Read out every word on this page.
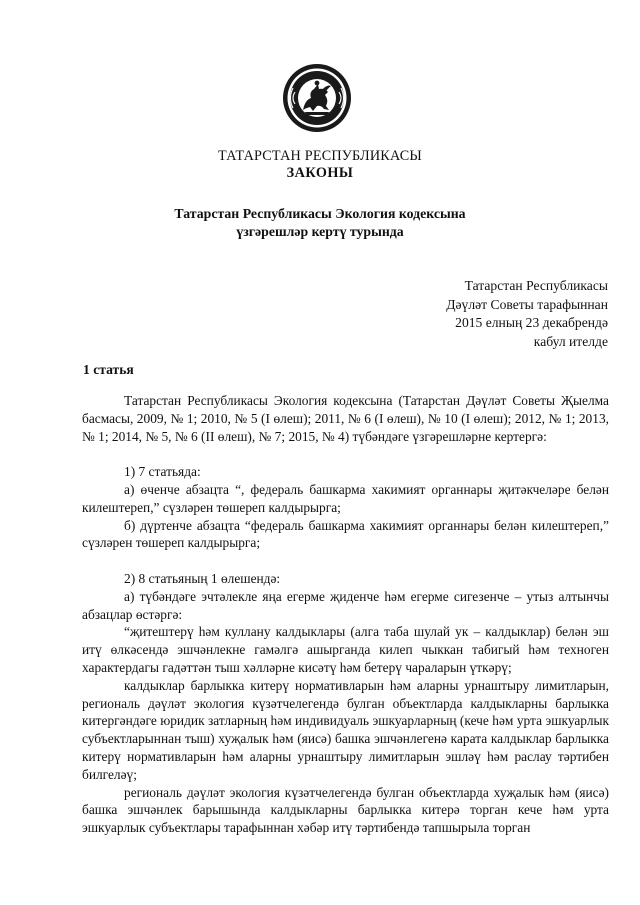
ТАТАРСТАН РЕСПУБЛИКАСЫ
ЗАКОНЫ
Татарстан Республикасы Экология кодексына
үзгәрешләр кертү турында
Татарстан Республикасы
Дәүләт Советы тарафыннан
2015 елның 23 декабрендә
кабул ителде
1 статья

Татарстан Республикасы Экология кодексына (Татарстан Дәүләт Советы Җыелма басмасы, 2009, № 1; 2010, № 5 (I өлеш); 2011, № 6 (I өлеш), № 10 (I өлеш); 2012, № 1; 2013, № 1; 2014, № 5, № 6 (II өлеш), № 7; 2015, № 4) түбәндәге үзгәрешләрне кертергә:

1) 7 статьяда:

а) өченче абзацта “, федераль башкарма хакимият органнары җитәкчеләре белән килештереп,” сүзләрен төшереп калдырырга;

б) дүртенче абзацта “федераль башкарма хакимият органнары белән килештереп,” сүзләрен төшереп калдырырга;

2) 8 статьяның 1 өлешендә:

а) түбәндәге эчтәлекле яңа егерме җиденче һәм егерме сигезенче – утыз алтынчы абзацлар өстәргә:

“җитештерү һәм куллану калдыклары (алга таба шулай ук – калдыклар) белән эш итү өлкәсендә эшчәнлекне гамәлгә ашырганда килеп чыккан табигый һәм техноген характердагы гадәттән тыш хәлләрне кисәтү һәм бетерү чараларын үткәрү;

калдыклар барлыкка китерү нормативларын һәм аларны урнаштыру лимитларын, региональ дәүләт экология күзәтчелегендә булган объектларда калдыкларны барлыкка китергәндәге юридик затларның һәм индивидуаль эшкуарларның (кече һәм урта эшкуарлык субъектларыннан тыш) хуҗалык һәм (яисә) башка эшчәнлегенә карата калдыклар барлыкка китерү нормативларын һәм аларны урнаштыру лимитларын эшләү һәм раслау тәртибен билгеләү;

региональ дәүләт экология күзәтчелегендә булган объектларда хуҗалык һәм (яисә) башка эшчәнлек барышында калдыкларны барлыкка китерә торган кече һәм урта эшкуарлык субъектлары тарафыннан хәбәр итү тәртибендә тапшырыла торган
